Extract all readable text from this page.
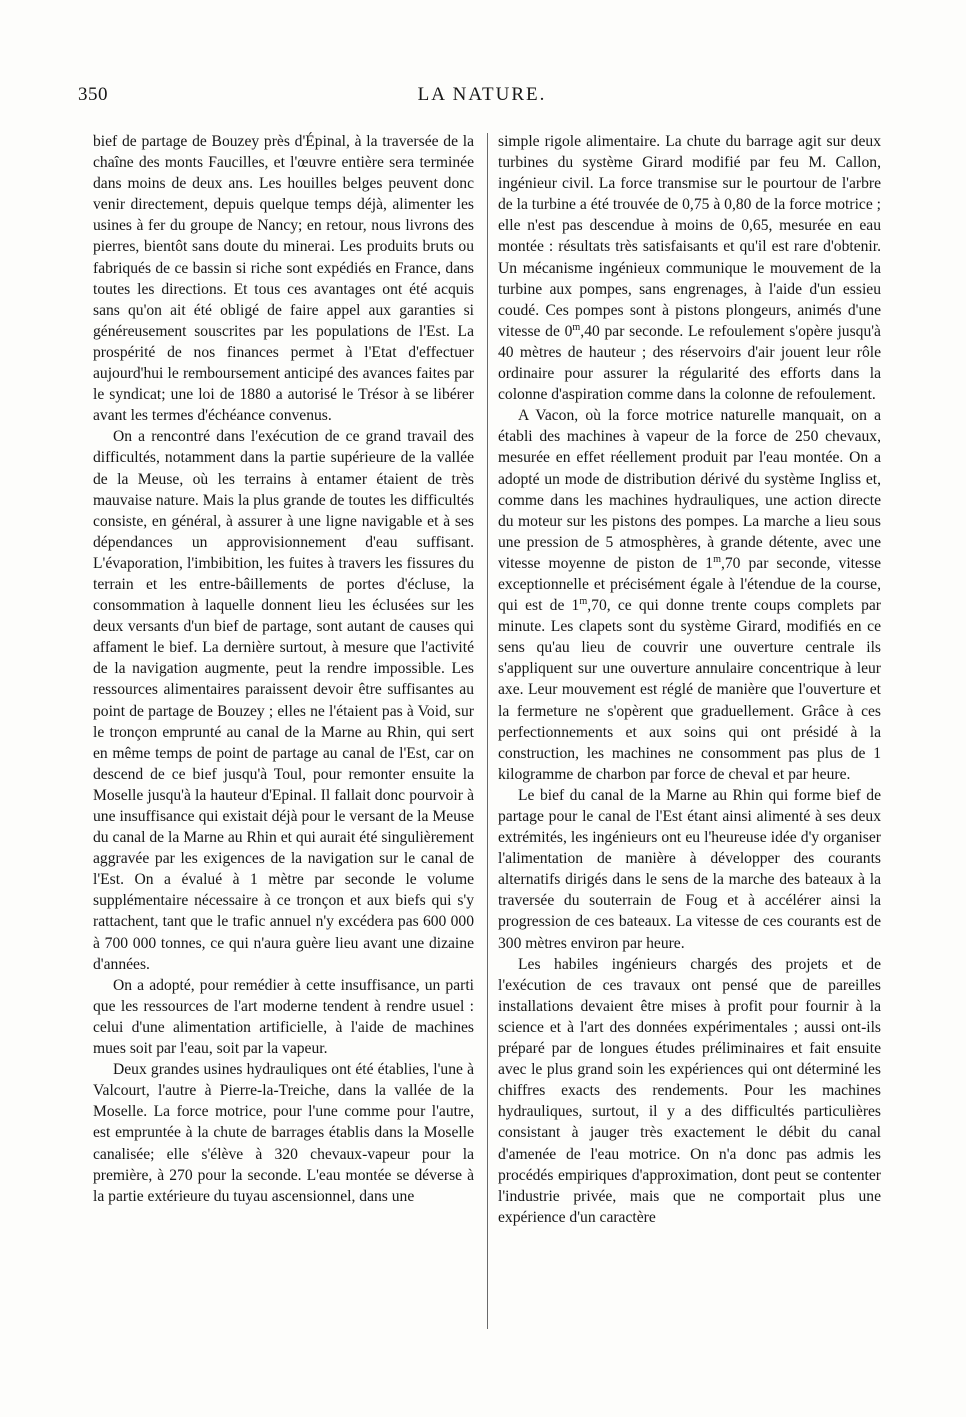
350	LA NATURE.

bief de partage de Bouzey près d'Épinal, à la traversée de la chaîne des monts Faucilles, et l'œuvre entière sera terminée dans moins de deux ans. Les houilles belges peuvent donc venir directement, depuis quelque temps déjà, alimenter les usines à fer du groupe de Nancy; en retour, nous livrons des pierres, bientôt sans doute du minerai. Les produits bruts ou fabriqués de ce bassin si riche sont expédiés en France, dans toutes les directions. Et tous ces avantages ont été acquis sans qu'on ait été obligé de faire appel aux garanties si généreusement souscrites par les populations de l'Est. La prospérité de nos finances permet à l'Etat d'effectuer aujourd'hui le remboursement anticipé des avances faites par le syndicat; une loi de 1880 a autorisé le Trésor à se libérer avant les termes d'échéance convenus.

On a rencontré dans l'exécution de ce grand travail des difficultés, notamment dans la partie supérieure de la vallée de la Meuse, où les terrains à entamer étaient de très mauvaise nature. Mais la plus grande de toutes les difficultés consiste, en général, à assurer à une ligne navigable et à ses dépendances un approvisionnement d'eau suffisant. L'évaporation, l'imbibition, les fuites à travers les fissures du terrain et les entre-bâillements de portes d'écluse, la consommation à laquelle donnent lieu les éclusées sur les deux versants d'un bief de partage, sont autant de causes qui affament le bief. La dernière surtout, à mesure que l'activité de la navigation augmente, peut la rendre impossible. Les ressources alimentaires paraissent devoir être suffisantes au point de partage de Bouzey ; elles ne l'étaient pas à Void, sur le tronçon emprunté au canal de la Marne au Rhin, qui sert en même temps de point de partage au canal de l'Est, car on descend de ce bief jusqu'à Toul, pour remonter ensuite la Moselle jusqu'à la hauteur d'Epinal. Il fallait donc pourvoir à une insuffisance qui existait déjà pour le versant de la Meuse du canal de la Marne au Rhin et qui aurait été singulièrement aggravée par les exigences de la navigation sur le canal de l'Est. On a évalué à 1 mètre par seconde le volume supplémentaire nécessaire à ce tronçon et aux biefs qui s'y rattachent, tant que le trafic annuel n'y excédera pas 600 000 à 700 000 tonnes, ce qui n'aura guère lieu avant une dizaine d'années.

On a adopté, pour remédier à cette insuffisance, un parti que les ressources de l'art moderne tendent à rendre usuel : celui d'une alimentation artificielle, à l'aide de machines mues soit par l'eau, soit par la vapeur.

Deux grandes usines hydrauliques ont été établies, l'une à Valcourt, l'autre à Pierre-la-Treiche, dans la vallée de la Moselle. La force motrice, pour l'une comme pour l'autre, est empruntée à la chute de barrages établis dans la Moselle canalisée; elle s'élève à 320 chevaux-vapeur pour la première, à 270 pour la seconde. L'eau montée se déverse à la partie extérieure du tuyau ascensionnel, dans une

simple rigole alimentaire. La chute du barrage agit sur deux turbines du système Girard modifié par feu M. Callon, ingénieur civil. La force transmise sur le pourtour de l'arbre de la turbine a été trouvée de 0,75 à 0,80 de la force motrice ; elle n'est pas descendue à moins de 0,65, mesurée en eau montée : résultats très satisfaisants et qu'il est rare d'obtenir. Un mécanisme ingénieux communique le mouvement de la turbine aux pompes, sans engrenages, à l'aide d'un essieu coudé. Ces pompes sont à pistons plongeurs, animés d'une vitesse de 0$^m$,40 par seconde. Le refoulement s'opère jusqu'à 40 mètres de hauteur ; des réservoirs d'air jouent leur rôle ordinaire pour assurer la régularité des efforts dans la colonne d'aspiration comme dans la colonne de refoulement.

A Vacon, où la force motrice naturelle manquait, on a établi des machines à vapeur de la force de 250 chevaux, mesurée en effet réellement produit par l'eau montée. On a adopté un mode de distribution dérivé du système Ingliss et, comme dans les machines hydrauliques, une action directe du moteur sur les pistons des pompes. La marche a lieu sous une pression de 5 atmosphères, à grande détente, avec une vitesse moyenne de piston de 1$^m$,70 par seconde, vitesse exceptionnelle et précisément égale à l'étendue de la course, qui est de 1$^m$,70, ce qui donne trente coups complets par minute. Les clapets sont du système Girard, modifiés en ce sens qu'au lieu de couvrir une ouverture centrale ils s'appliquent sur une ouverture annulaire concentrique à leur axe. Leur mouvement est réglé de manière que l'ouverture et la fermeture ne s'opèrent que graduellement. Grâce à ces perfectionnements et aux soins qui ont présidé à la construction, les machines ne consomment pas plus de 1 kilogramme de charbon par force de cheval et par heure.

Le bief du canal de la Marne au Rhin qui forme bief de partage pour le canal de l'Est étant ainsi alimenté à ses deux extrémités, les ingénieurs ont eu l'heureuse idée d'y organiser l'alimentation de manière à développer des courants alternatifs dirigés dans le sens de la marche des bateaux à la traversée du souterrain de Foug et à accélérer ainsi la progression de ces bateaux. La vitesse de ces courants est de 300 mètres environ par heure.

Les habiles ingénieurs chargés des projets et de l'exécution de ces travaux ont pensé que de pareilles installations devaient être mises à profit pour fournir à la science et à l'art des données expérimentales ; aussi ont-ils préparé par de longues études préliminaires et fait ensuite avec le plus grand soin les expériences qui ont déterminé les chiffres exacts des rendements. Pour les machines hydrauliques, surtout, il y a des difficultés particulières consistant à jauger très exactement le débit du canal d'amenée de l'eau motrice. On n'a donc pas admis les procédés empiriques d'approximation, dont peut se contenter l'industrie privée, mais que ne comportait plus une expérience d'un caractère
